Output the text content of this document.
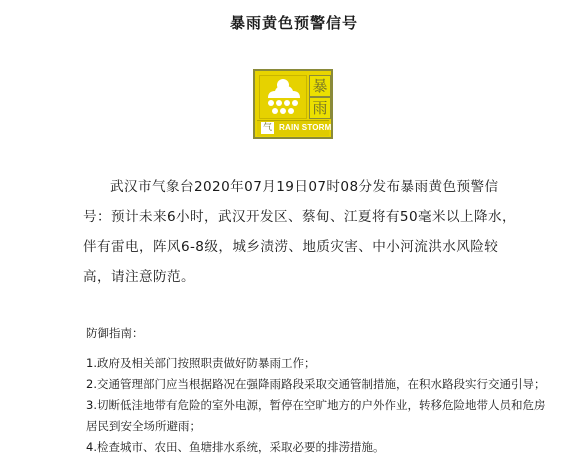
暴雨黄色预警信号
暴
雨
气 RAIN STORM
武汉市气象台2020年07月19日07时08分发布暴雨黄色预警信号：预计未来6小时，武汉开发区、蔡甸、江夏将有50毫米以上降水，伴有雷电，阵风6-8级，城乡渍涝、地质灾害、中小河流洪水风险较高，请注意防范。
防御指南：
1.政府及相关部门按照职责做好防暴雨工作；
2.交通管理部门应当根据路况在强降雨路段采取交通管制措施，在积水路段实行交通引导；
3.切断低洼地带有危险的室外电源，暂停在空旷地方的户外作业，转移危险地带人员和危房居民到安全场所避雨；
4.检查城市、农田、鱼塘排水系统，采取必要的排涝措施。
